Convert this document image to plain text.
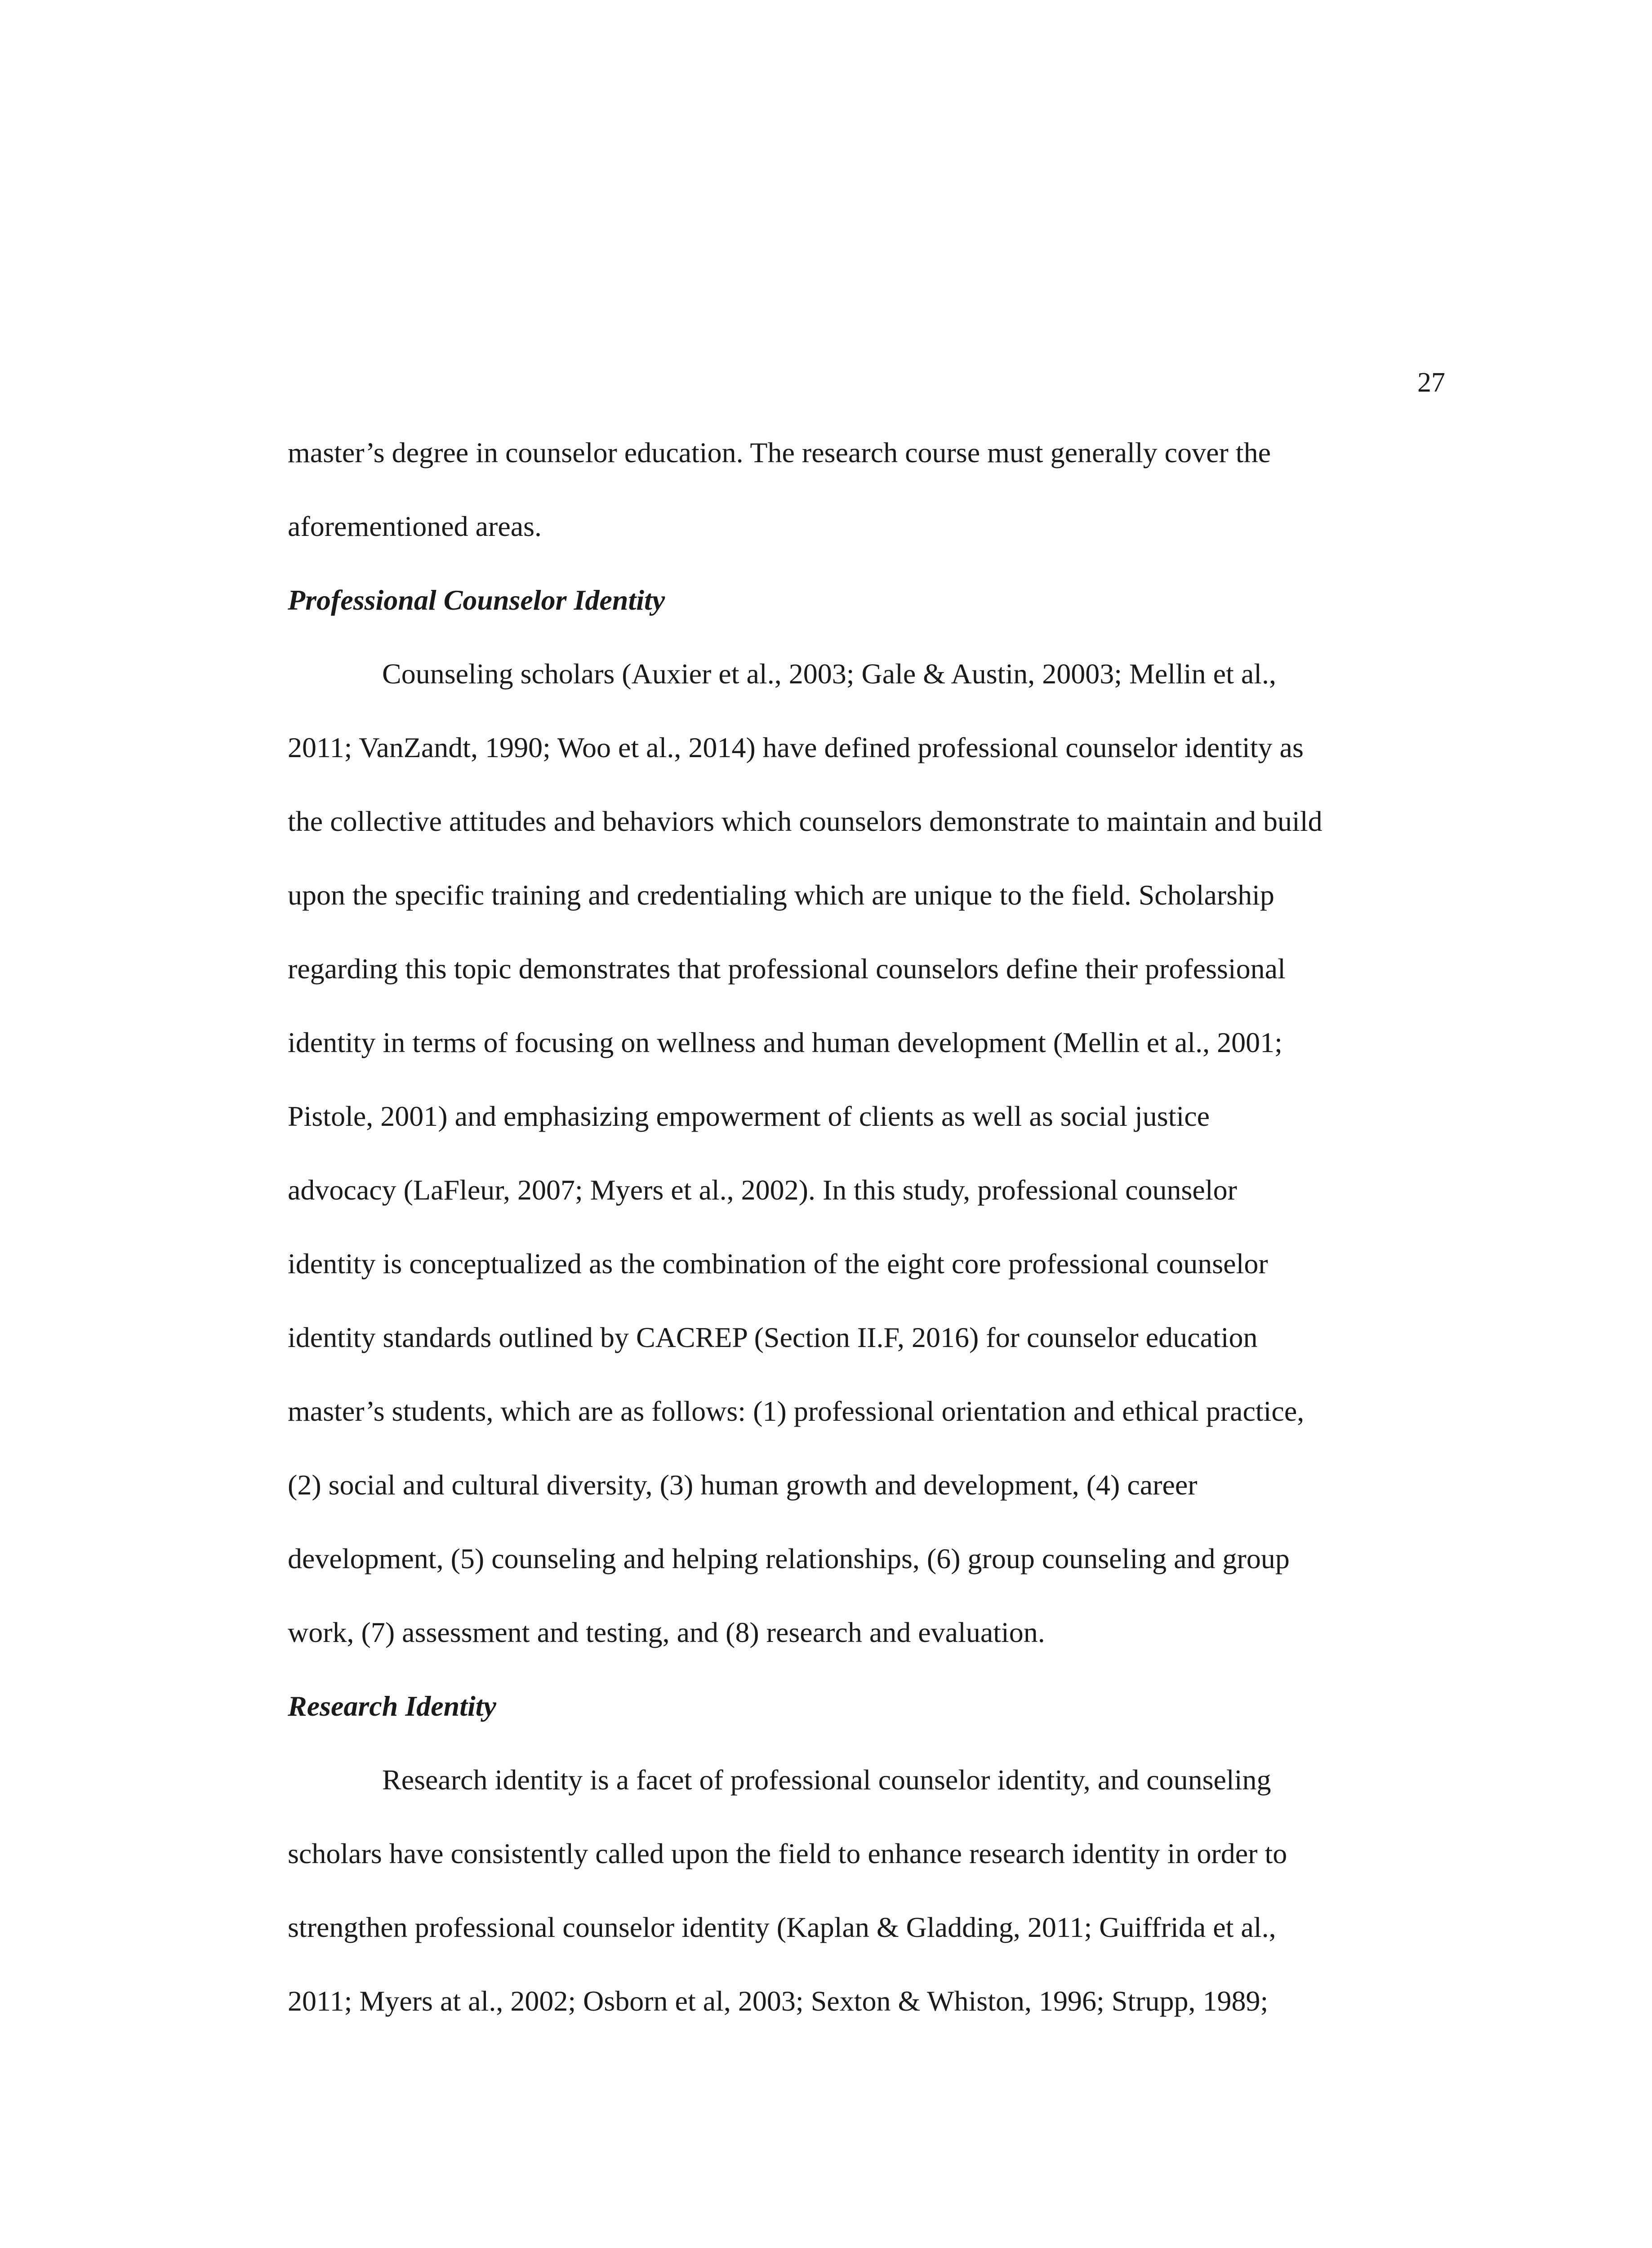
27
master’s degree in counselor education. The research course must generally cover the
aforementioned areas.
Professional Counselor Identity
Counseling scholars (Auxier et al., 2003; Gale & Austin, 20003; Mellin et al.,
2011; VanZandt, 1990; Woo et al., 2014) have defined professional counselor identity as
the collective attitudes and behaviors which counselors demonstrate to maintain and build
upon the specific training and credentialing which are unique to the field. Scholarship
regarding this topic demonstrates that professional counselors define their professional
identity in terms of focusing on wellness and human development (Mellin et al., 2001;
Pistole, 2001) and emphasizing empowerment of clients as well as social justice
advocacy (LaFleur, 2007; Myers et al., 2002). In this study, professional counselor
identity is conceptualized as the combination of the eight core professional counselor
identity standards outlined by CACREP (Section II.F, 2016) for counselor education
master’s students, which are as follows: (1) professional orientation and ethical practice,
(2) social and cultural diversity, (3) human growth and development, (4) career
development, (5) counseling and helping relationships, (6) group counseling and group
work, (7) assessment and testing, and (8) research and evaluation.
Research Identity
Research identity is a facet of professional counselor identity, and counseling
scholars have consistently called upon the field to enhance research identity in order to
strengthen professional counselor identity (Kaplan & Gladding, 2011; Guiffrida et al.,
2011; Myers at al., 2002; Osborn et al, 2003; Sexton & Whiston, 1996; Strupp, 1989;
